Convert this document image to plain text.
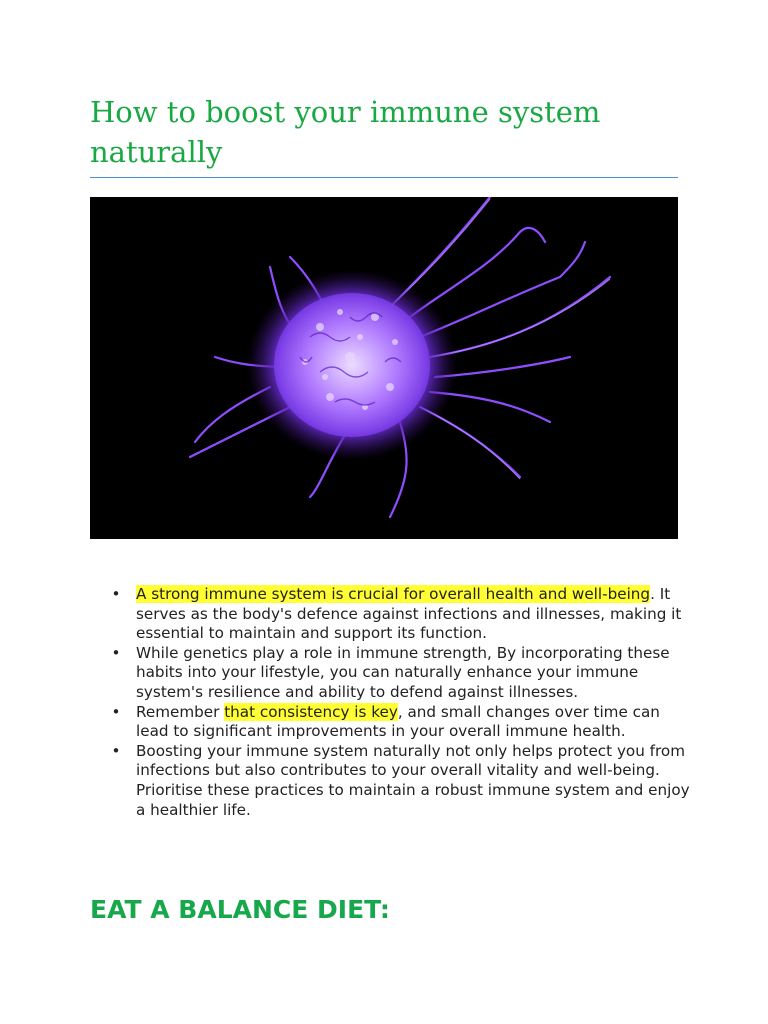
How to boost your immune system naturally
• A strong immune system is crucial for overall health and well-being. It serves as the body's defence against infections and illnesses, making it essential to maintain and support its function.
• While genetics play a role in immune strength, By incorporating these habits into your lifestyle, you can naturally enhance your immune system's resilience and ability to defend against illnesses.
• Remember that consistency is key, and small changes over time can lead to significant improvements in your overall immune health.
• Boosting your immune system naturally not only helps protect you from infections but also contributes to your overall vitality and well-being. Prioritise these practices to maintain a robust immune system and enjoy a healthier life.
EAT A BALANCE DIET:
